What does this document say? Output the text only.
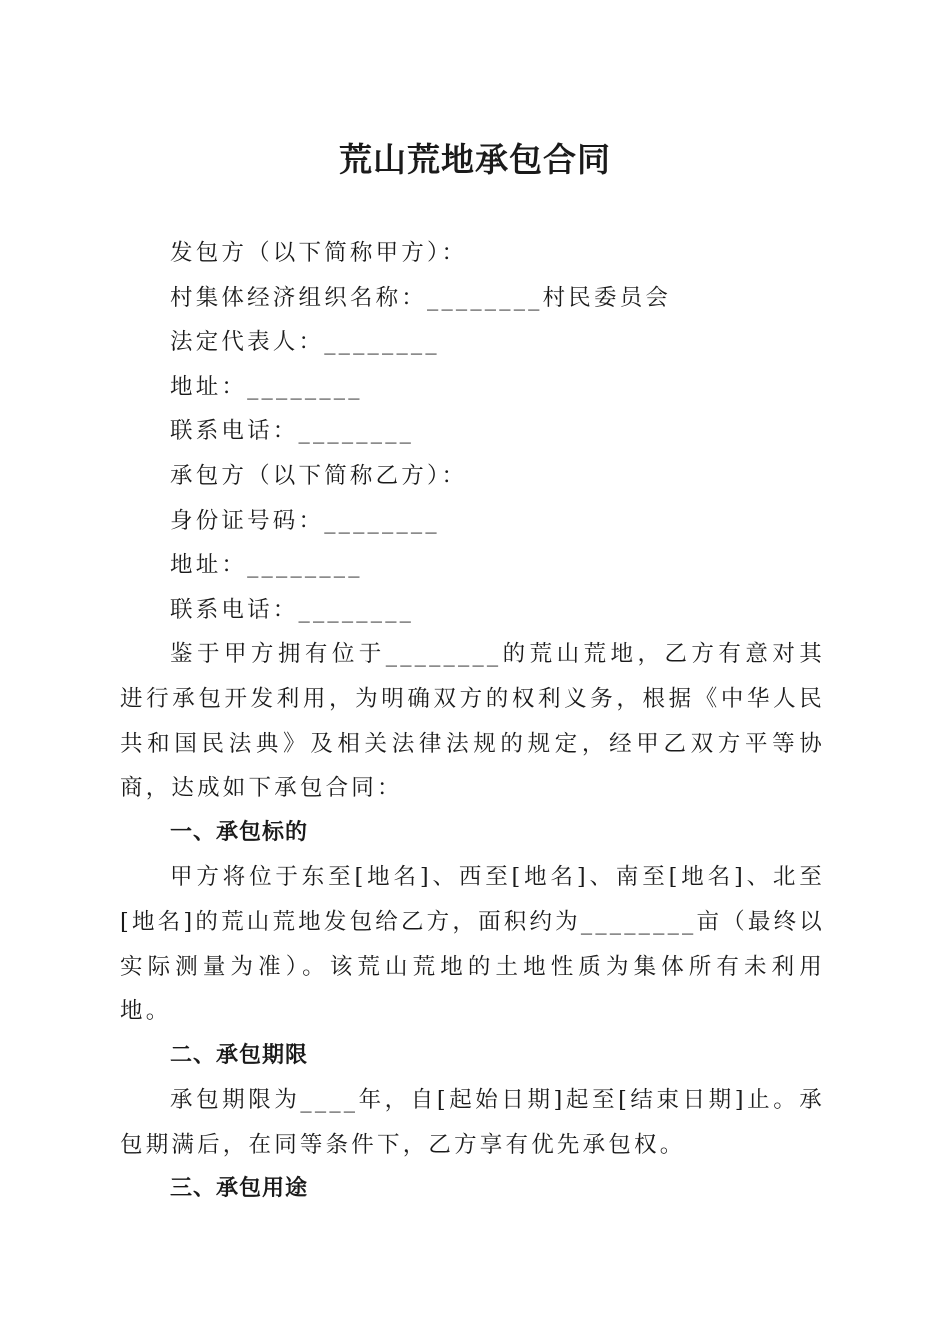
荒山荒地承包合同

发包方（以下简称甲方）：

村集体经济组织名称：________村民委员会

法定代表人：________

地址：________

联系电话：________

承包方（以下简称乙方）：

身份证号码：________

地址：________

联系电话：________

鉴于甲方拥有位于________的荒山荒地，乙方有意对其进行承包开发利用，为明确双方的权利义务，根据《中华人民共和国民法典》及相关法律法规的规定，经甲乙双方平等协商，达成如下承包合同：

一、承包标的

甲方将位于东至[地名]、西至[地名]、南至[地名]、北至[地名]的荒山荒地发包给乙方，面积约为________亩（最终以实际测量为准）。该荒山荒地的土地性质为集体所有未利用地。

二、承包期限

承包期限为____年，自[起始日期]起至[结束日期]止。承包期满后，在同等条件下，乙方享有优先承包权。

三、承包用途
